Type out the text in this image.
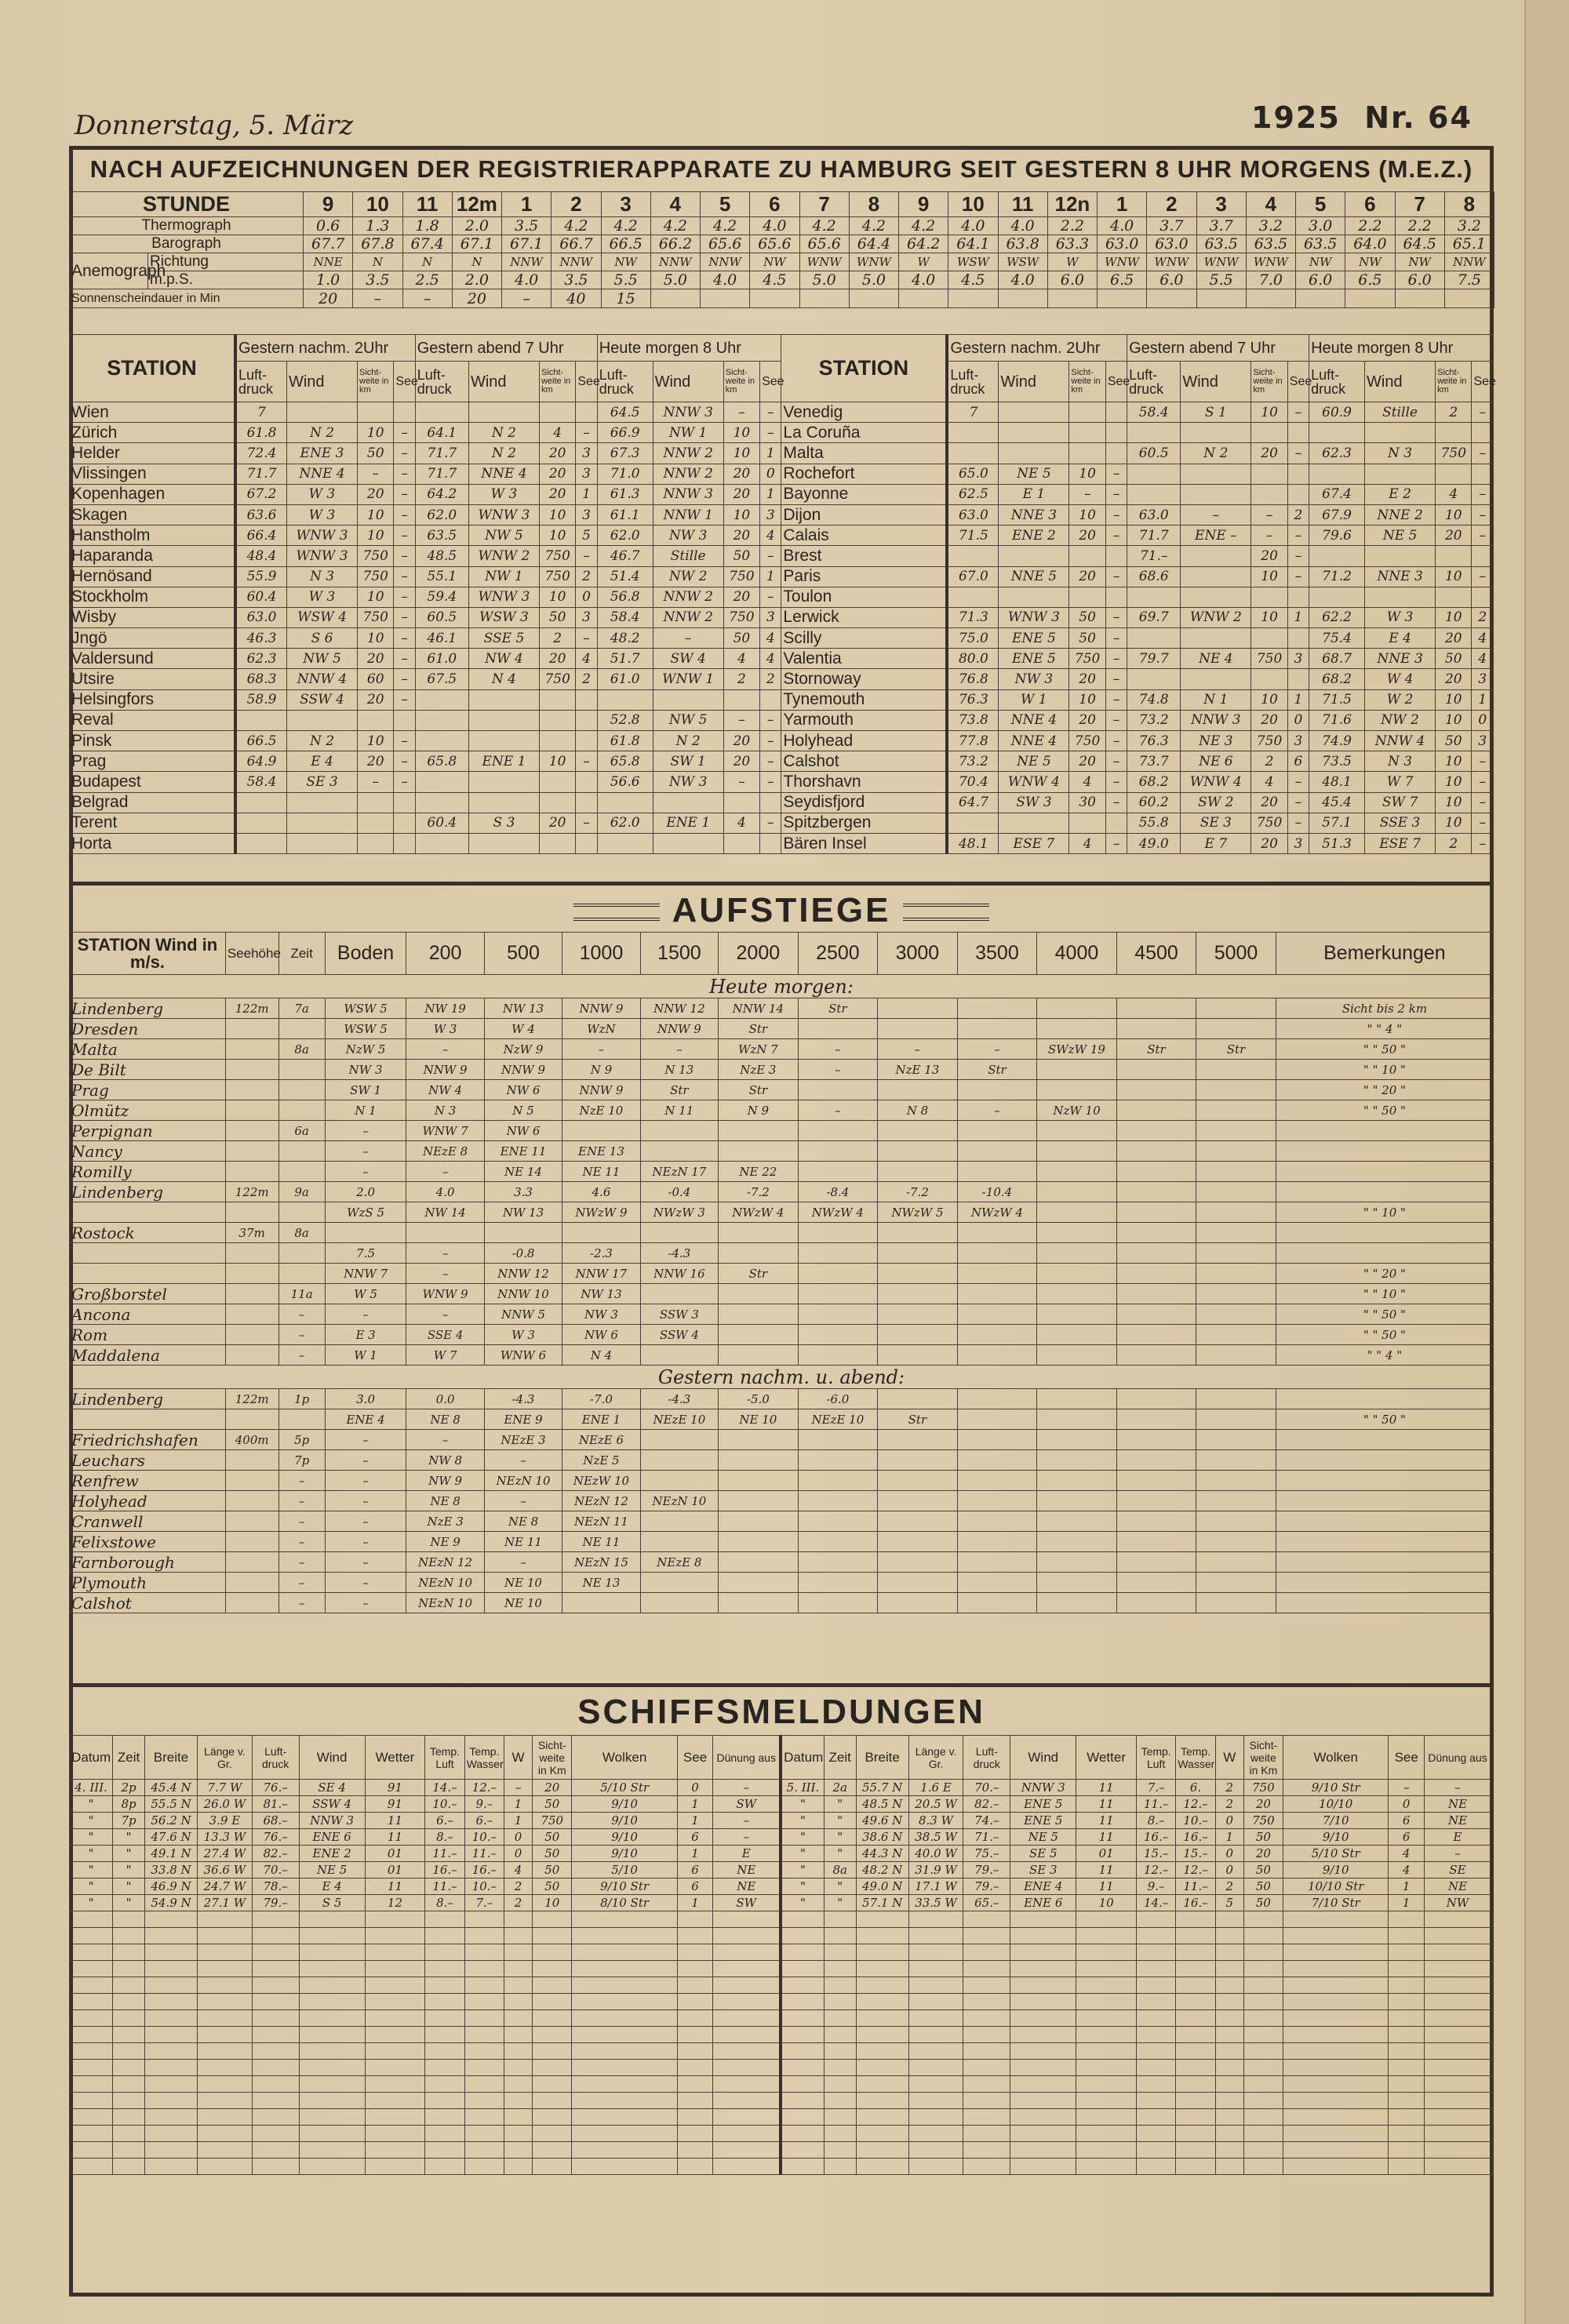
Donnerstag, 5. März	1925 Nr. 64
NACH AUFZEICHNUNGEN DER REGISTRIERAPPARATE ZU HAMBURG SEIT GESTERN 8 UHR MORGENS (M.E.Z.)
STUNDE		9	10	11	12m	1	2	3	4	5	6	7	8	9	10	11	12n	1	2	3	4	5	6	7	8
Thermograph		0.6	1.3	1.8	2.0	3.5	4.2	4.2	4.2	4.2	4.0	4.2	4.2	4.2	4.0	4.0	2.2	4.0	3.7	3.7	3.2	3.0	2.2	2.2	3.2
Barograph		67.7	67.8	67.4	67.1	67.1	66.7	66.5	66.2	65.6	65.6	65.6	64.4	64.2	64.1	63.8	63.3	63.0	63.0	63.5	63.5	63.5	64.0	64.5	65.1
Anemograph	Richtung	NNE	N	N	N	NNW	NNW	NW	NNW	NNW	NW	WNW	WNW	W	WSW	WSW	W	WNW	WNW	WNW	WNW	NW	NW	NW	NNW
	m.p.S.	1.0	3.5	2.5	2.0	4.0	3.5	5.5	5.0	4.0	4.5	5.0	5.0	4.0	4.5	4.0	6.0	6.5	6.0	5.5	7.0	6.0	6.5	6.0	7.5
Sonnenscheindauer in Min		20	–	–	20	–	40	15																	
STATION	Gestern nachm. 2Uhr				Gestern abend 7 Uhr				Heute morgen 8 Uhr				STATION	Gestern nachm. 2Uhr				Gestern abend 7 Uhr				Heute morgen 8 Uhr			
	Luft-druck	Wind	Sicht-weite in km	See	Luft-druck	Wind	Sicht-weite in km	See	Luft-druck	Wind	Sicht-weite in km	See		Luft-druck	Wind	Sicht-weite in km	See	Luft-druck	Wind	Sicht-weite in km	See	Luft-druck	Wind	Sicht-weite in km	See
Wien	7								64.5	NNW 3	–	–	Venedig	7				58.4	S 1	10	–	60.9	Stille	2	–
Zürich	61.8	N 2	10	–	64.1	N 2	4	–	66.9	NW 1	10	–	La Coruña												
Helder	72.4	ENE 3	50	–	71.7	N 2	20	3	67.3	NNW 2	10	1	Malta					60.5	N 2	20	–	62.3	N 3	750	–
Vlissingen	71.7	NNE 4	–	–	71.7	NNE 4	20	3	71.0	NNW 2	20	0	Rochefort	65.0	NE 5	10	–								
Kopenhagen	67.2	W 3	20	–	64.2	W 3	20	1	61.3	NNW 3	20	1	Bayonne	62.5	E 1	–	–					67.4	E 2	4	–
Skagen	63.6	W 3	10	–	62.0	WNW 3	10	3	61.1	NNW 1	10	3	Dijon	63.0	NNE 3	10	–	63.0	–	–	2	67.9	NNE 2	10	–
Hanstholm	66.4	WNW 3	10	–	63.5	NW 5	10	5	62.0	NW 3	20	4	Calais	71.5	ENE 2	20	–	71.7	ENE –	–	–	79.6	NE 5	20	–
Haparanda	48.4	WNW 3	750	–	48.5	WNW 2	750	–	46.7	Stille	50	–	Brest					71.–		20	–				
Hernösand	55.9	N 3	750	–	55.1	NW 1	750	2	51.4	NW 2	750	1	Paris	67.0	NNE 5	20	–	68.6		10	–	71.2	NNE 3	10	–
Stockholm	60.4	W 3	10	–	59.4	WNW 3	10	0	56.8	NNW 2	20	–	Toulon												
Wisby	63.0	WSW 4	750	–	60.5	WSW 3	50	3	58.4	NNW 2	750	3	Lerwick	71.3	WNW 3	50	–	69.7	WNW 2	10	1	62.2	W 3	10	2
Jngö	46.3	S 6	10	–	46.1	SSE 5	2	–	48.2	–	50	4	Scilly	75.0	ENE 5	50	–					75.4	E 4	20	4
Valdersund	62.3	NW 5	20	–	61.0	NW 4	20	4	51.7	SW 4	4	4	Valentia	80.0	ENE 5	750	–	79.7	NE 4	750	3	68.7	NNE 3	50	4
Utsire	68.3	NNW 4	60	–	67.5	N 4	750	2	61.0	WNW 1	2	2	Stornoway	76.8	NW 3	20	–					68.2	W 4	20	3
Helsingfors	58.9	SSW 4	20	–									Tynemouth	76.3	W 1	10	–	74.8	N 1	10	1	71.5	W 2	10	1
Reval									52.8	NW 5	–	–	Yarmouth	73.8	NNE 4	20	–	73.2	NNW 3	20	0	71.6	NW 2	10	0
Pinsk	66.5	N 2	10	–					61.8	N 2	20	–	Holyhead	77.8	NNE 4	750	–	76.3	NE 3	750	3	74.9	NNW 4	50	3
Prag	64.9	E 4	20	–	65.8	ENE 1	10	–	65.8	SW 1	20	–	Calshot	73.2	NE 5	20	–	73.7	NE 6	2	6	73.5	N 3	10	–
Budapest	58.4	SE 3	–	–					56.6	NW 3	–	–	Thorshavn	70.4	WNW 4	4	–	68.2	WNW 4	4	–	48.1	W 7	10	–
Belgrad													Seydisfjord	64.7	SW 3	30	–	60.2	SW 2	20	–	45.4	SW 7	10	–
Terent					60.4	S 3	20	–	62.0	ENE 1	4	–	Spitzbergen					55.8	SE 3	750	–	57.1	SSE 3	10	–
Horta													Bären Insel	48.1	ESE 7	4	–	49.0	E 7	20	3	51.3	ESE 7	2	–
AUFSTIEGE
STATION Wind in m/s.	Seehöhe	Zeit	Boden	200	500	1000	1500	2000	2500	3000	3500	4000	4500	5000	Bemerkungen
Heute morgen:															
Lindenberg	122m	7a	WSW 5	NW 19	NW 13	NNW 9	NNW 12	NNW 14	Str						Sicht bis 2 km
Dresden			WSW 5	W 3	W 4	WzN	NNW 9	Str							" " 4 "
Malta		8a	NzW 5	–	NzW 9	–	–	WzN 7	–	–	–	SWzW 19	Str	Str	" " 50 "
De Bilt			NW 3	NNW 9	NNW 9	N 9	N 13	NzE 3	–	NzE 13	Str				" " 10 "
Prag			SW 1	NW 4	NW 6	NNW 9	Str	Str							" " 20 "
Olmütz			N 1	N 3	N 5	NzE 10	N 11	N 9	–	N 8	–	NzW 10			" " 50 "
Perpignan		6a	–	WNW 7	NW 6										
Nancy			–	NEzE 8	ENE 11	ENE 13									
Romilly			–	–	NE 14	NE 11	NEzN 17	NE 22							
Lindenberg	122m	9a	2.0	4.0	3.3	4.6	-0.4	-7.2	-8.4	-7.2	-10.4				
			WzS 5	NW 14	NW 13	NWzW 9	NWzW 3	NWzW 4	NWzW 4	NWzW 5	NWzW 4				" " 10 "
Rostock	37m	8a													
			7.5	–	-0.8	-2.3	-4.3								
			NNW 7	–	NNW 12	NNW 17	NNW 16	Str							" " 20 "
Großborstel		11a	W 5	WNW 9	NNW 10	NW 13									" " 10 "
Ancona		–	–	–	NNW 5	NW 3	SSW 3								" " 50 "
Rom		–	E 3	SSE 4	W 3	NW 6	SSW 4								" " 50 "
Maddalena		–	W 1	W 7	WNW 6	N 4									" " 4 "
Gestern nachm. u. abend:															
Lindenberg	122m	1p	3.0	0.0	-4.3	-7.0	-4.3	-5.0	-6.0						
			ENE 4	NE 8	ENE 9	ENE 1	NEzE 10	NE 10	NEzE 10	Str					" " 50 "
Friedrichshafen	400m	5p	–	–	NEzE 3	NEzE 6									
Leuchars		7p	–	NW 8	–	NzE 5									
Renfrew		–	–	NW 9	NEzN 10	NEzW 10									
Holyhead		–	–	NE 8	–	NEzN 12	NEzN 10								
Cranwell		–	–	NzE 3	NE 8	NEzN 11									
Felixstowe		–	–	NE 9	NE 11	NE 11									
Farnborough		–	–	NEzN 12	–	NEzN 15	NEzE 8								
Plymouth		–	–	NEzN 10	NE 10	NE 13									
Calshot		–	–	NEzN 10	NE 10										
SCHIFFSMELDUNGEN
Datum	Zeit	Breite	Länge v. Gr.	Luft-druck	Wind	Wetter	Temp. Luft	Temp. Wasser	W	Sicht-weite in Km	Wolken	See	Dünung aus	Datum	Zeit	Breite	Länge v. Gr.	Luft-druck	Wind	Wetter	Temp. Luft	Temp. Wasser	W	Sicht-weite in Km	Wolken	See	Dünung aus
4. III.	2p	45.4 N	7.7 W	76.–	SE 4	91	14.–	12.–	–	20	5/10 Str	0	–	5. III.	2a	55.7 N	1.6 E	70.–	NNW 3	11	7.–	6.	2	750	9/10 Str	–	–
"	8p	55.5 N	26.0 W	81.–	SSW 4	91	10.–	9.–	1	50	9/10	1	SW	"	"	48.5 N	20.5 W	82.–	ENE 5	11	11.–	12.–	2	20	10/10	0	NE
"	7p	56.2 N	3.9 E	68.–	NNW 3	11	6.–	6.–	1	750	9/10	1	–	"	"	49.6 N	8.3 W	74.–	ENE 5	11	8.–	10.–	0	750	7/10	6	NE
"	"	47.6 N	13.3 W	76.–	ENE 6	11	8.–	10.–	0	50	9/10	6	–	"	"	38.6 N	38.5 W	71.–	NE 5	11	16.–	16.–	1	50	9/10	6	E
"	"	49.1 N	27.4 W	82.–	ENE 2	01	11.–	11.–	0	50	9/10	1	E	"	"	44.3 N	40.0 W	75.–	SE 5	01	15.–	15.–	0	20	5/10 Str	4	–
"	"	33.8 N	36.6 W	70.–	NE 5	01	16.–	16.–	4	50	5/10	6	NE	"	8a	48.2 N	31.9 W	79.–	SE 3	11	12.–	12.–	0	50	9/10	4	SE
"	"	46.9 N	24.7 W	78.–	E 4	11	11.–	10.–	2	50	9/10 Str	6	NE	"	"	49.0 N	17.1 W	79.–	ENE 4	11	9.–	11.–	2	50	10/10 Str	1	NE
"	"	54.9 N	27.1 W	79.–	S 5	12	8.–	7.–	2	10	8/10 Str	1	SW	"	"	57.1 N	33.5 W	65.–	ENE 6	10	14.–	16.–	5	50	7/10 Str	1	NW
